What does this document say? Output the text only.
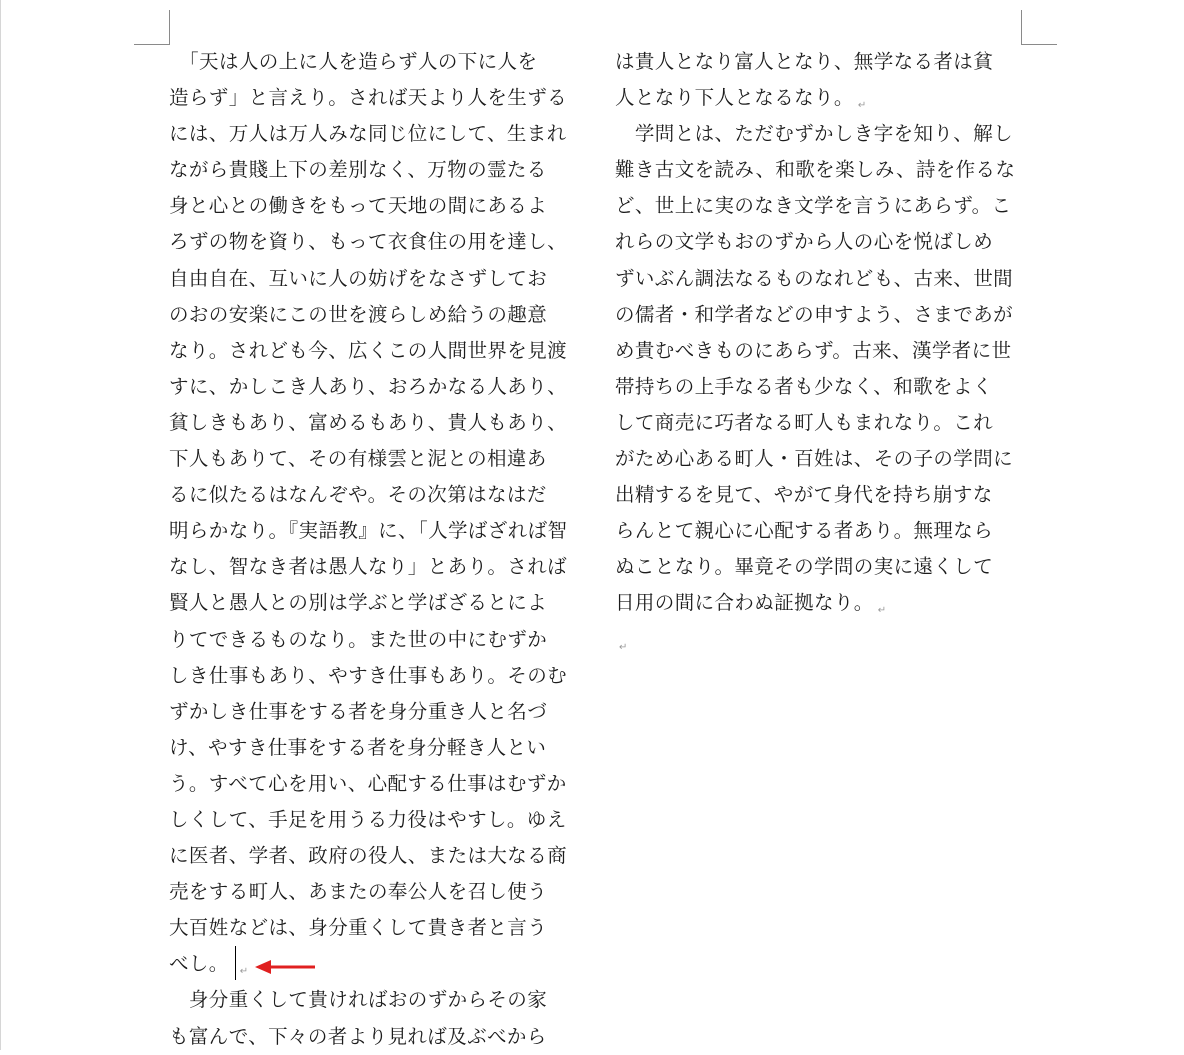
　「天は人の上に人を造らず人の下に人を
造らず」と言えり。されば天より人を生ずる
には、万人は万人みな同じ位にして、生まれ
ながら貴賤上下の差別なく、万物の霊たる
身と心との働きをもって天地の間にあるよ
ろずの物を資り、もって衣食住の用を達し、
自由自在、互いに人の妨げをなさずしてお
のおの安楽にこの世を渡らしめ給うの趣意
なり。されども今、広くこの人間世界を見渡
すに、かしこき人あり、おろかなる人あり、
貧しきもあり、富めるもあり、貴人もあり、
下人もありて、その有様雲と泥との相違あ
るに似たるはなんぞや。その次第はなはだ
明らかなり。『実語教』に、「人学ばざれば智
なし、智なき者は愚人なり」とあり。されば
賢人と愚人との別は学ぶと学ばざるとによ
りてできるものなり。また世の中にむずか
しき仕事もあり、やすき仕事もあり。そのむ
ずかしき仕事をする者を身分重き人と名づ
け、やすき仕事をする者を身分軽き人とい
う。すべて心を用い、心配する仕事はむずか
しくして、手足を用うる力役はやすし。ゆえ
に医者、学者、政府の役人、または大なる商
売をする町人、あまたの奉公人を召し使う
大百姓などは、身分重くして貴き者と言う
べし。 $_↵$
　身分重くして貴ければおのずからその家
も富んで、下々の者より見れば及ぶべから
は貴人となり富人となり、無学なる者は貧
人となり下人となるなり。 $_↵$
　学問とは、ただむずかしき字を知り、解し
難き古文を読み、和歌を楽しみ、詩を作るな
ど、世上に実のなき文学を言うにあらず。こ
れらの文学もおのずから人の心を悦ばしめ
ずいぶん調法なるものなれども、古来、世間
の儒者・和学者などの申すよう、さまであが
め貴むべきものにあらず。古来、漢学者に世
帯持ちの上手なる者も少なく、和歌をよく
して商売に巧者なる町人もまれなり。これ
がため心ある町人・百姓は、その子の学問に
出精するを見て、やがて身代を持ち崩すな
らんとて親心に心配する者あり。無理なら
ぬことなり。畢竟その学問の実に遠くして
日用の間に合わぬ証拠なり。 $_↵$
$_↵$
